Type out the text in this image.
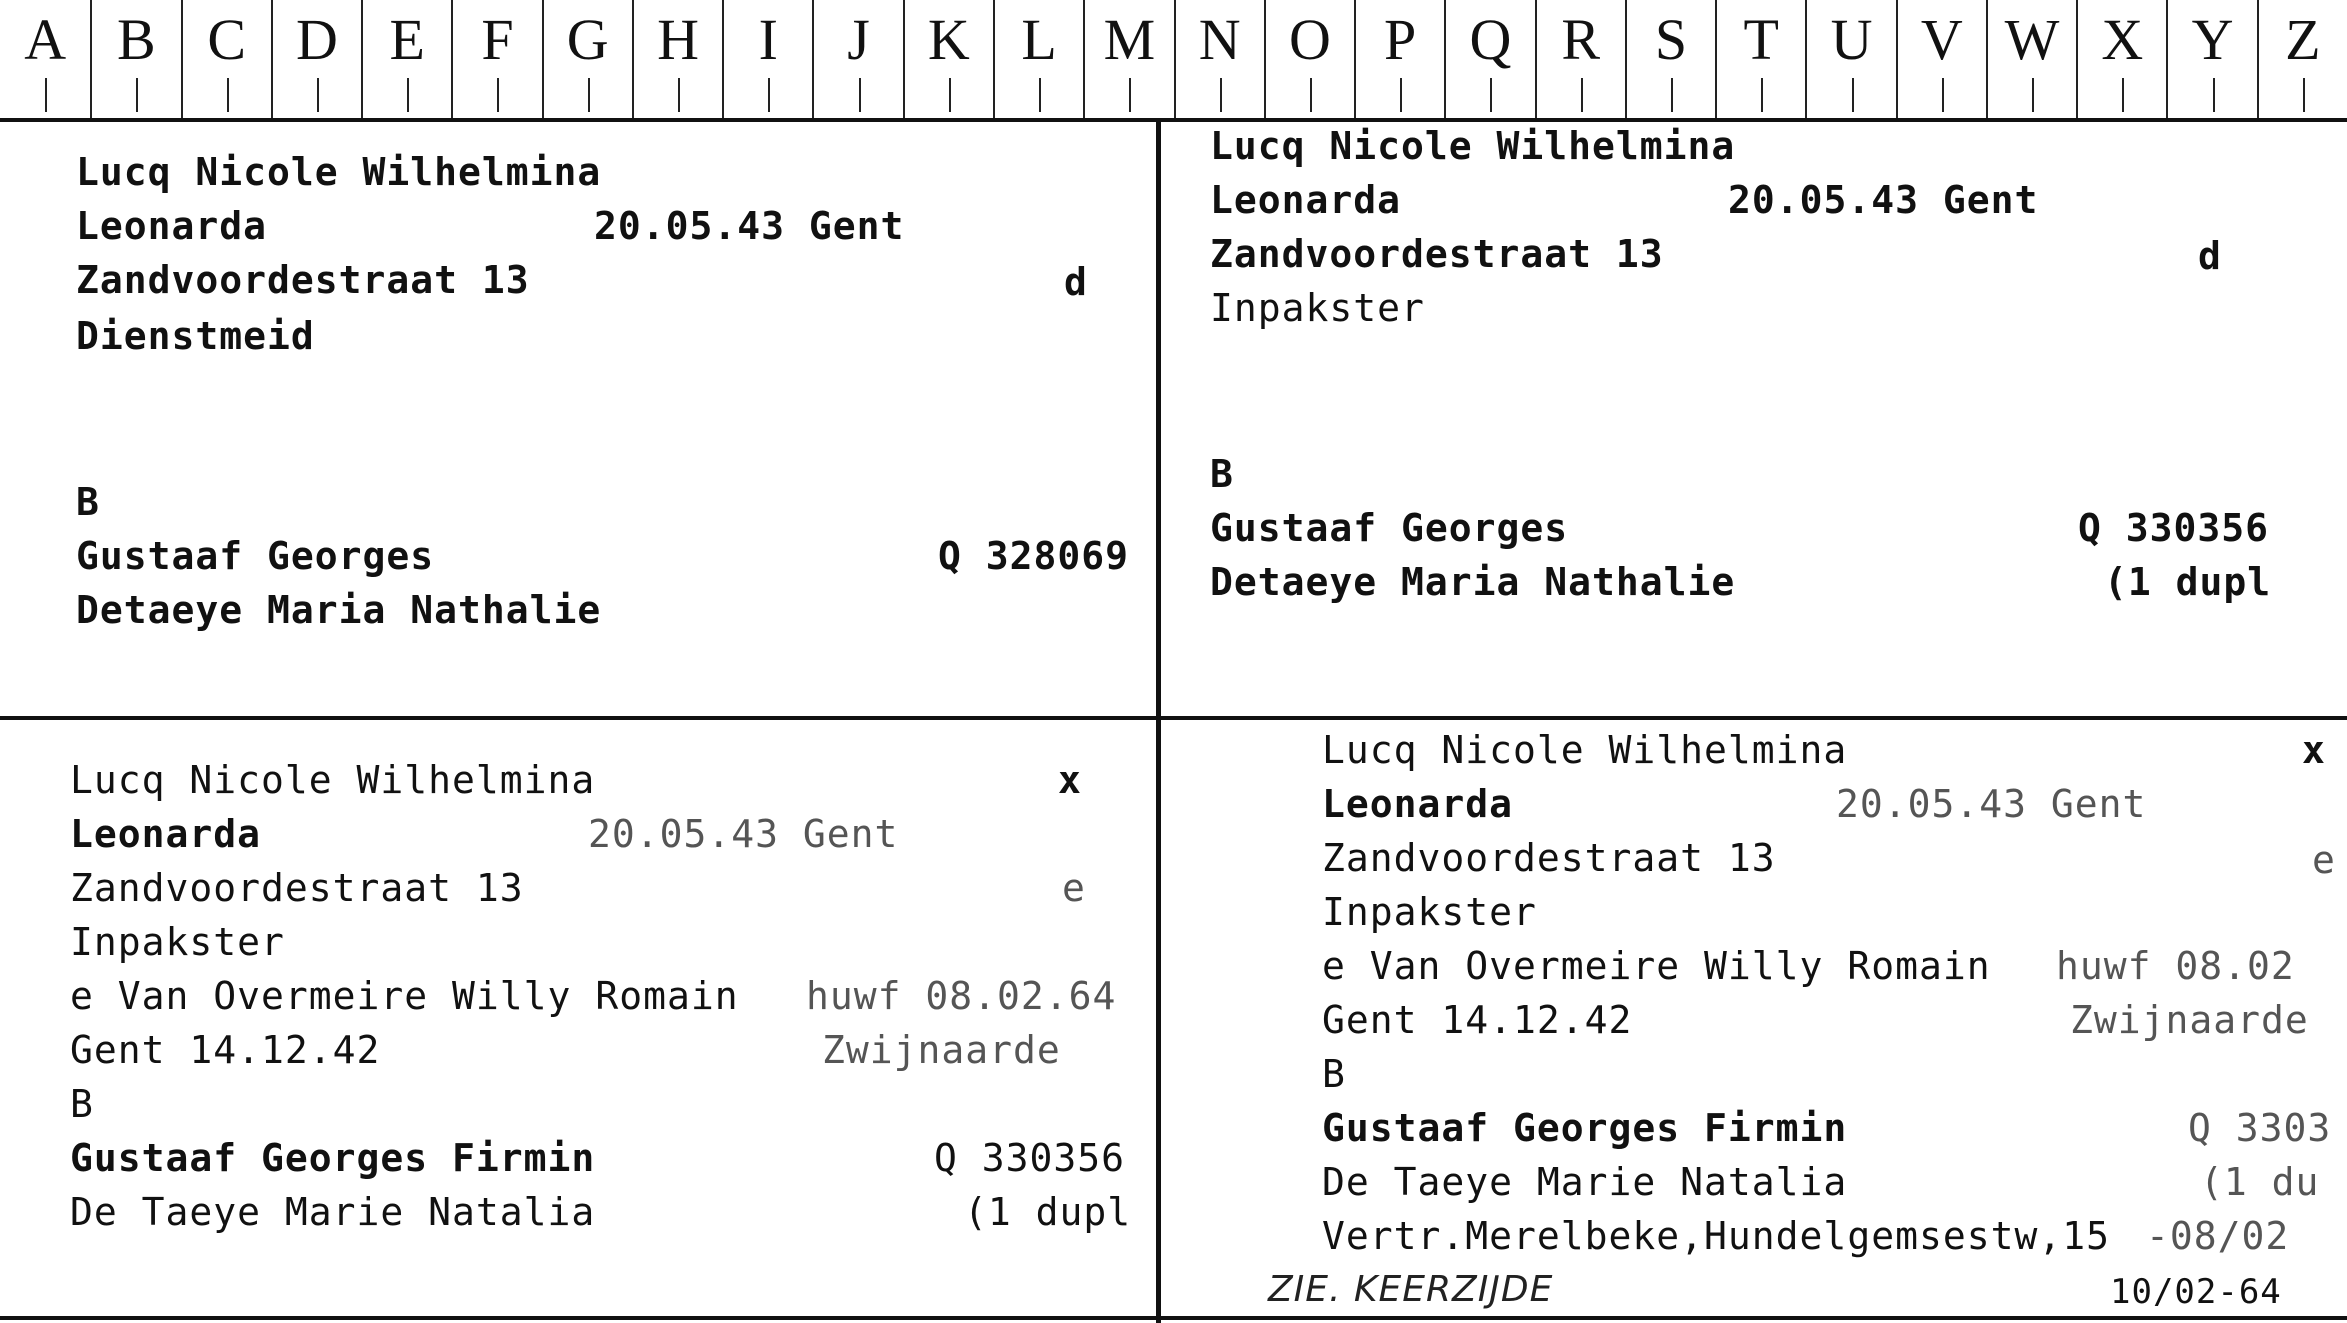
A B C D E F G H	I	J	K L M N O P Q R S T U V W X Y Z
Lucq Nicole Wilhelmina
Leonarda	20.05.43 Gent
Zandvoordestraat 13	d
Dienstmeid
B
Gustaaf Georges	Q 328069
Detaeye Maria Nathalie
Lucq Nicole Wilhelmina
Leonarda	20.05.43 Gent
Zandvoordestraat 13	d
Inpakster
B
Gustaaf Georges	Q 330356
Detaeye Maria Nathalie	(1 dupl
Lucq Nicole Wilhelmina	x
Leonarda	20.05.43 Gent
Zandvoordestraat 13	e
Inpakster
e Van Overmeire Willy Romain huwf 08.02.64
Gent 14.12.42	Zwijnaarde
B
Gustaaf Georges Firmin	Q 330356
De Taeye Marie Natalia	(1 dupl
Lucq Nicole Wilhelmina	x
Leonarda	20.05.43 Gent
Zandvoordestraat 13	e
Inpakster
e Van Overmeire Willy Romain huwf 08.02
Gent 14.12.42	Zwijnaarde
B
Gustaaf Georges Firmin	Q 3303
De Taeye Marie Natalia	(1 du
Vertr.Merelbeke,Hundelgemsestw,15 -08/02
ZIE. KEERZIJDE	10/02-64
